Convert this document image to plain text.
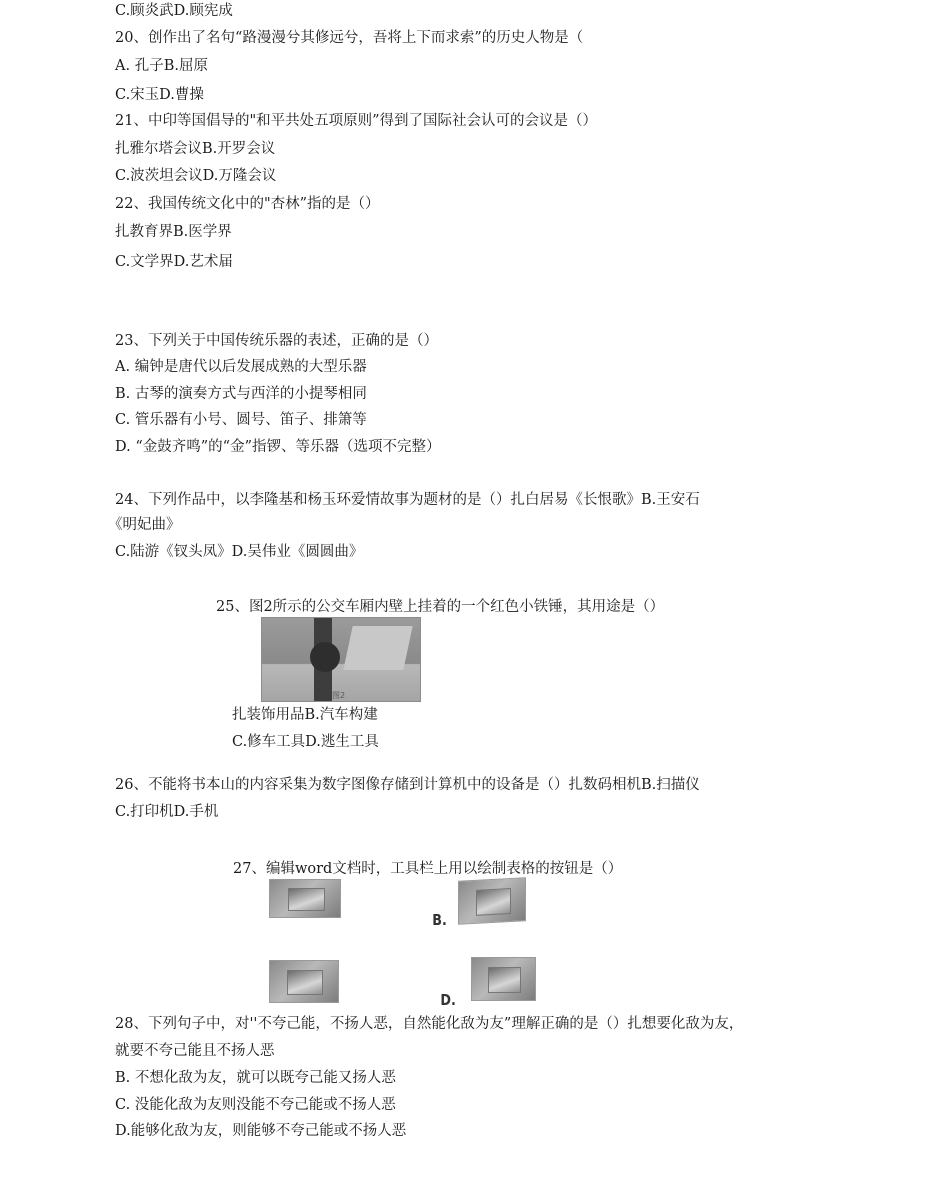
C.顾炎武D.顾宪成
20、创作出了名句“路漫漫兮其修远兮，吾将上下而求索”的历史人物是（
A. 孔子B.屈原
C.宋玉D.曹操
21、中印等国倡导的"和平共处五项原则”得到了国际社会认可的会议是（）
扎雅尔塔会议B.开罗会议
C.波茨坦会议D.万隆会议
22、我国传统文化中的"杏林”指的是（）
扎教育界B.医学界
C.文学界D.艺术届
23、下列关于中国传统乐器的表述，正确的是（）
A. 编钟是唐代以后发展成熟的大型乐器
B. 古琴的演奏方式与西洋的小提琴相同
C. 管乐器有小号、圆号、笛子、排箫等
D. “金鼓齐鸣”的“金”指锣、等乐器（选项不完整）
24、下列作品中，以李隆基和杨玉环爱情故事为题材的是（）扎白居易《长恨歌》B.王安石
《明妃曲》
C.陆游《钗头凤》D.吴伟业《圆圆曲》
25、图2所示的公交车厢内壁上挂着的一个红色小铁锤，其用途是（）
图2
扎装饰用品B.汽车构建
C.修车工具D.逃生工具
26、不能将书本山的内容采集为数字图像存储到计算机中的设备是（）扎数码相机B.扫描仪
C.打印机D.手机
27、编辑word文档时，工具栏上用以绘制表格的按钮是（）
B.
D.
28、下列句子中，对''不夸己能，不扬人恶，自然能化敌为友”理解正确的是（）扎想要化敌为友，
就要不夸己能且不扬人恶
B. 不想化敌为友，就可以既夸己能又扬人恶
C. 没能化敌为友则没能不夸己能或不扬人恶
D.能够化敌为友，则能够不夸己能或不扬人恶
